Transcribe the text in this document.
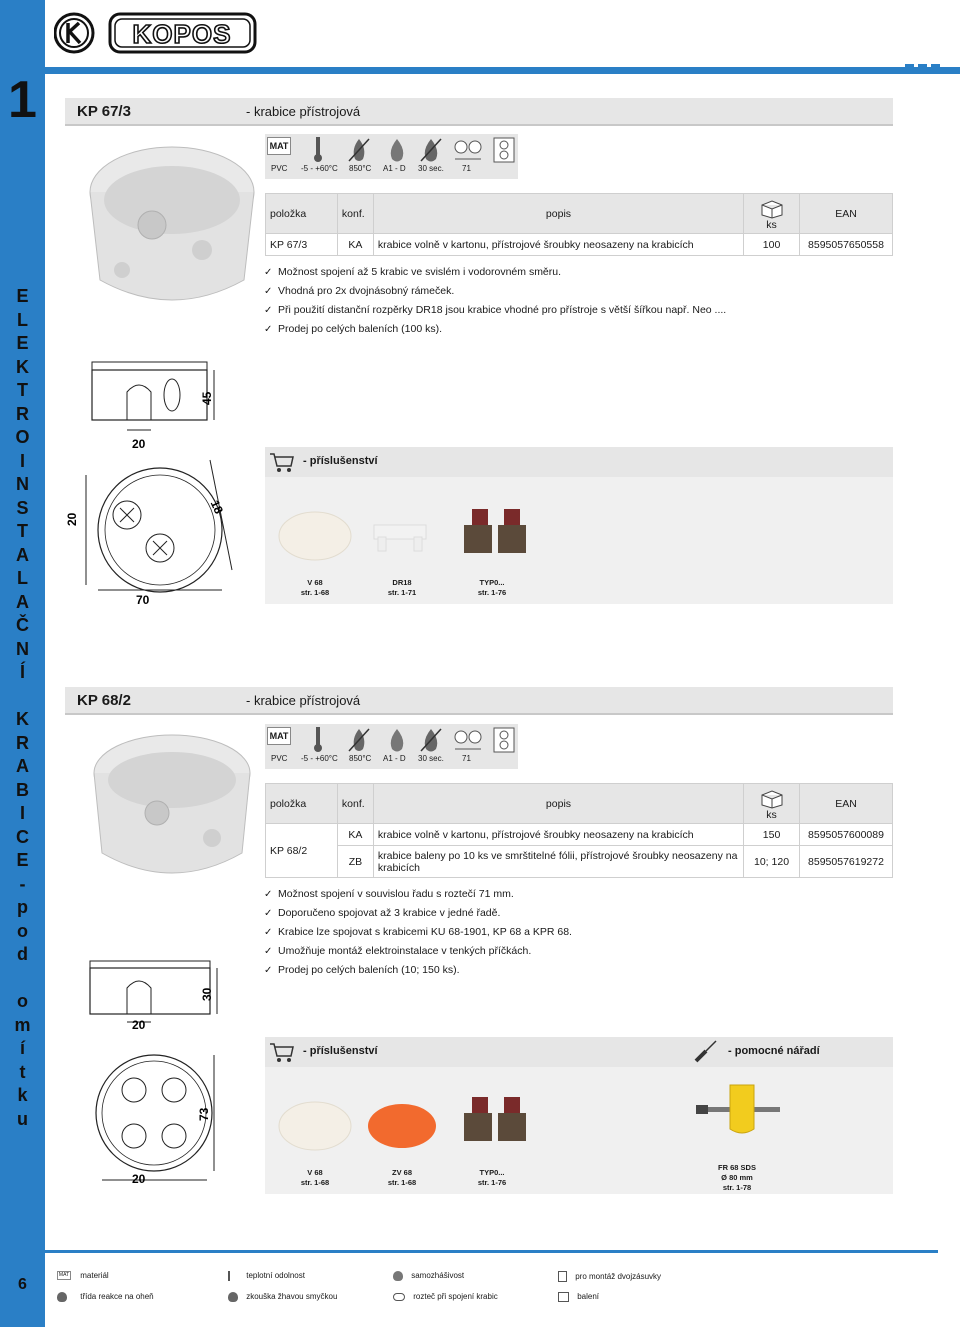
1
E
L
E
K
T
R
O
I
N
S
T
A
L
A
Č
N
Í
K
R
A
B
I
C
E
-
p
o
d
o
m
í
t
k
u
6
KOPOS
KP 67/3	- krabice přístrojová
45
20
18
20
70
MAT
PVC -5 - +60°C 850°C A1 - D 30 sec. 71
položka	konf.	popis	ks	EAN
KP 67/3	KA	krabice volně v kartonu, přístrojové šroubky neosazeny na krabicích	100	8595057650558
✓ Možnost spojení až 5 krabic ve svislém i vodorovném směru.
✓ Vhodná pro 2x dvojnásobný rámeček.
✓ Při použití distanční rozpěrky DR18 jsou krabice vhodné pro přístroje s větší šířkou např. Neo ....
✓ Prodej po celých baleních (100 ks).
- příslušenství
V 68
str. 1-68
DR18
str. 1-71
TYP0...
str. 1-76
KP 68/2	- krabice přístrojová
30
20
73
20
MAT
PVC -5 - +60°C 850°C A1 - D 30 sec. 71
položka	konf.	popis	ks	EAN
KP 68/2	KA	krabice volně v kartonu, přístrojové šroubky neosazeny na krabicích	150	8595057600089
	ZB	krabice baleny po 10 ks ve smrštitelné fólii, přístrojové šroubky neosazeny na krabicích	10; 120	8595057619272
✓ Možnost spojení v souvislou řadu s roztečí 71 mm.
✓ Doporučeno spojovat až 3 krabice v jedné řadě.
✓ Krabice lze spojovat s krabicemi KU 68-1901, KP 68 a KPR 68.
✓ Umožňuje montáž elektroinstalace v tenkých příčkách.
✓ Prodej po celých baleních (10; 150 ks).
- příslušenství	- pomocné nářadí
V 68
str. 1-68
ZV 68
str. 1-68
TYP0...
str. 1-76
FR 68 SDS
Ø 80 mm
str. 1-78
MAT materiál	teplotní odolnost	samozhášivost	pro montáž dvojzásuvky
třída reakce na oheň	zkouška žhavou smyčkou	rozteč při spojení krabic	balení
